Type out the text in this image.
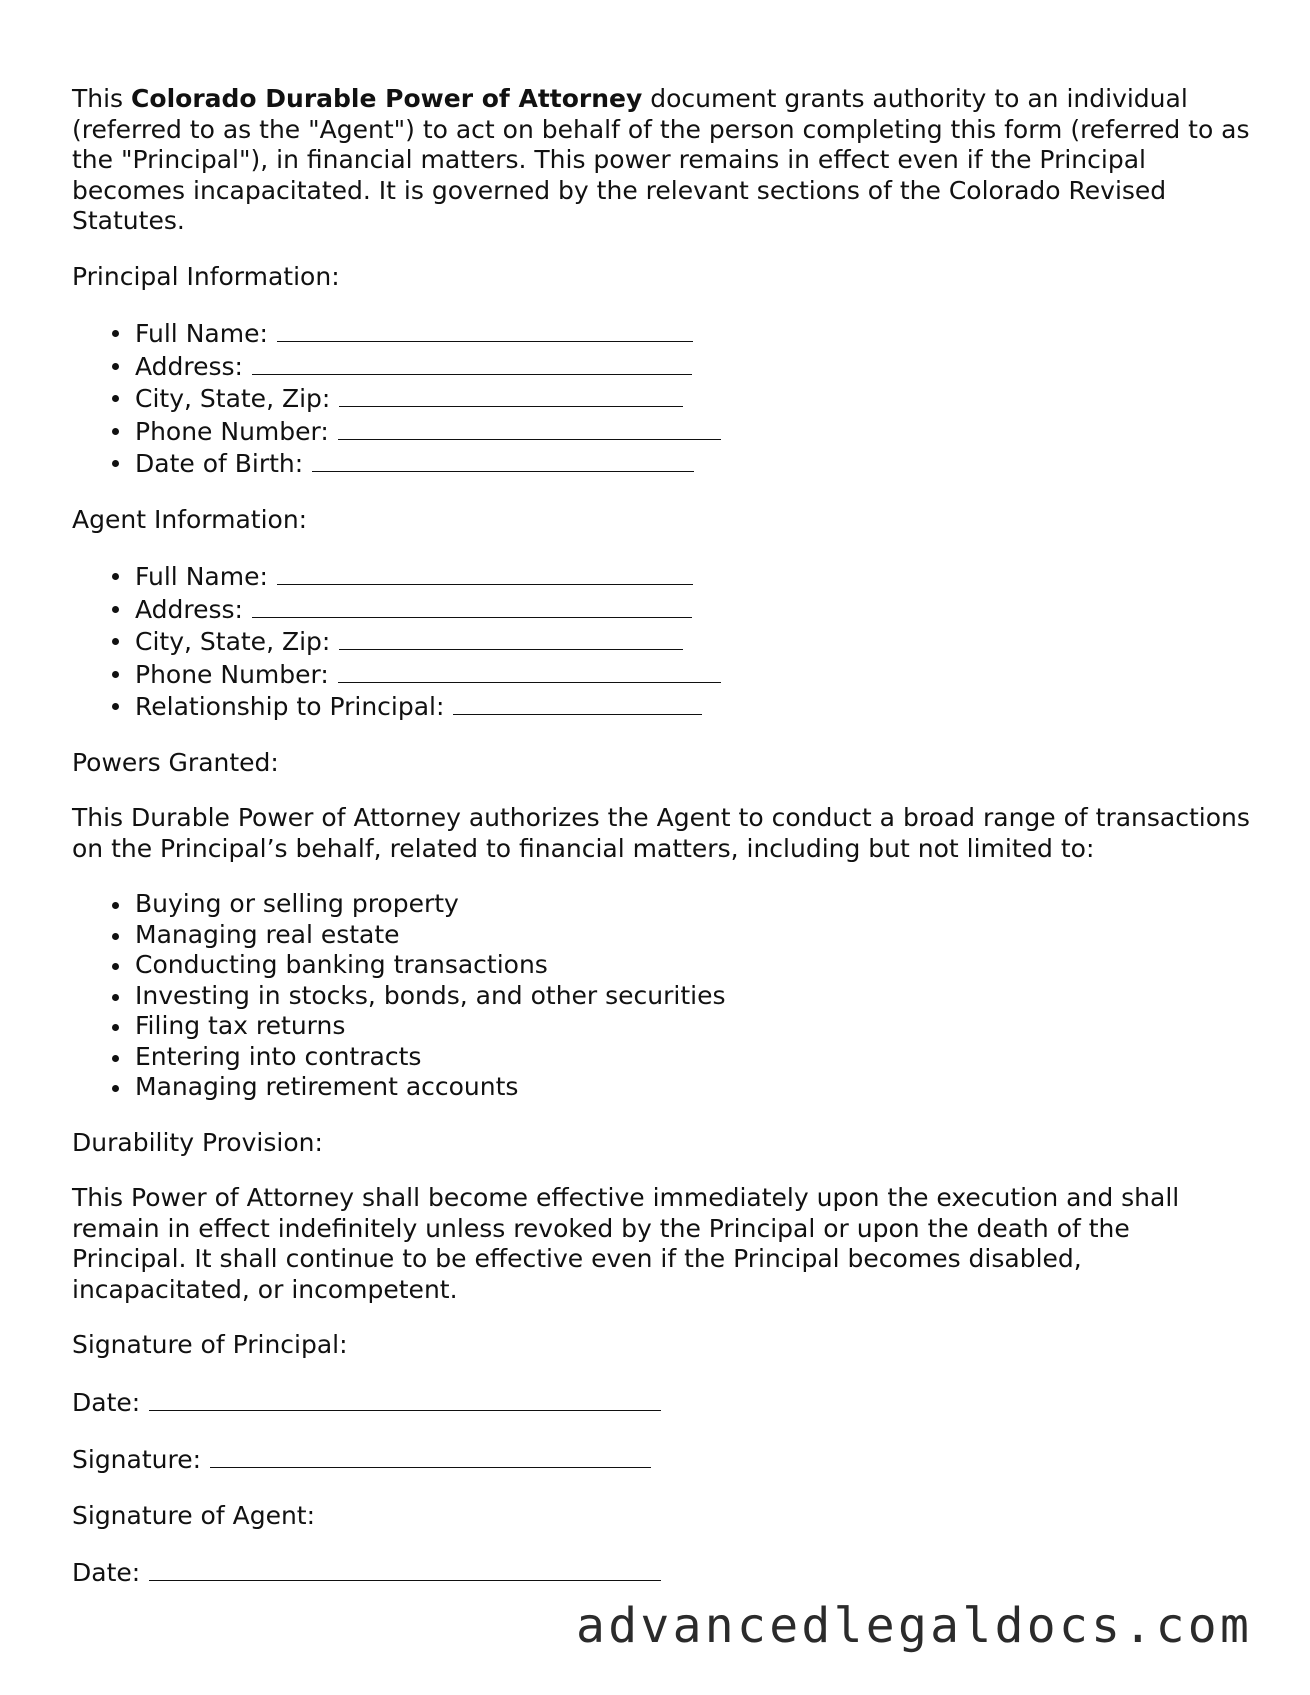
This Colorado Durable Power of Attorney document grants authority to an individual (referred to as the "Agent") to act on behalf of the person completing this form (referred to as the "Principal"), in financial matters. This power remains in effect even if the Principal becomes incapacitated. It is governed by the relevant sections of the Colorado Revised Statutes.

Principal Information:

Full Name:
Address:
City, State, Zip:
Phone Number:
Date of Birth:

Agent Information:

Full Name:
Address:
City, State, Zip:
Phone Number:
Relationship to Principal:

Powers Granted:

This Durable Power of Attorney authorizes the Agent to conduct a broad range of transactions on the Principal’s behalf, related to financial matters, including but not limited to:

Buying or selling property
Managing real estate
Conducting banking transactions
Investing in stocks, bonds, and other securities
Filing tax returns
Entering into contracts
Managing retirement accounts

Durability Provision:

This Power of Attorney shall become effective immediately upon the execution and shall remain in effect indefinitely unless revoked by the Principal or upon the death of the Principal. It shall continue to be effective even if the Principal becomes disabled, incapacitated, or incompetent.

Signature of Principal:

Date:

Signature:

Signature of Agent:

Date:

advancedlegaldocs.com
